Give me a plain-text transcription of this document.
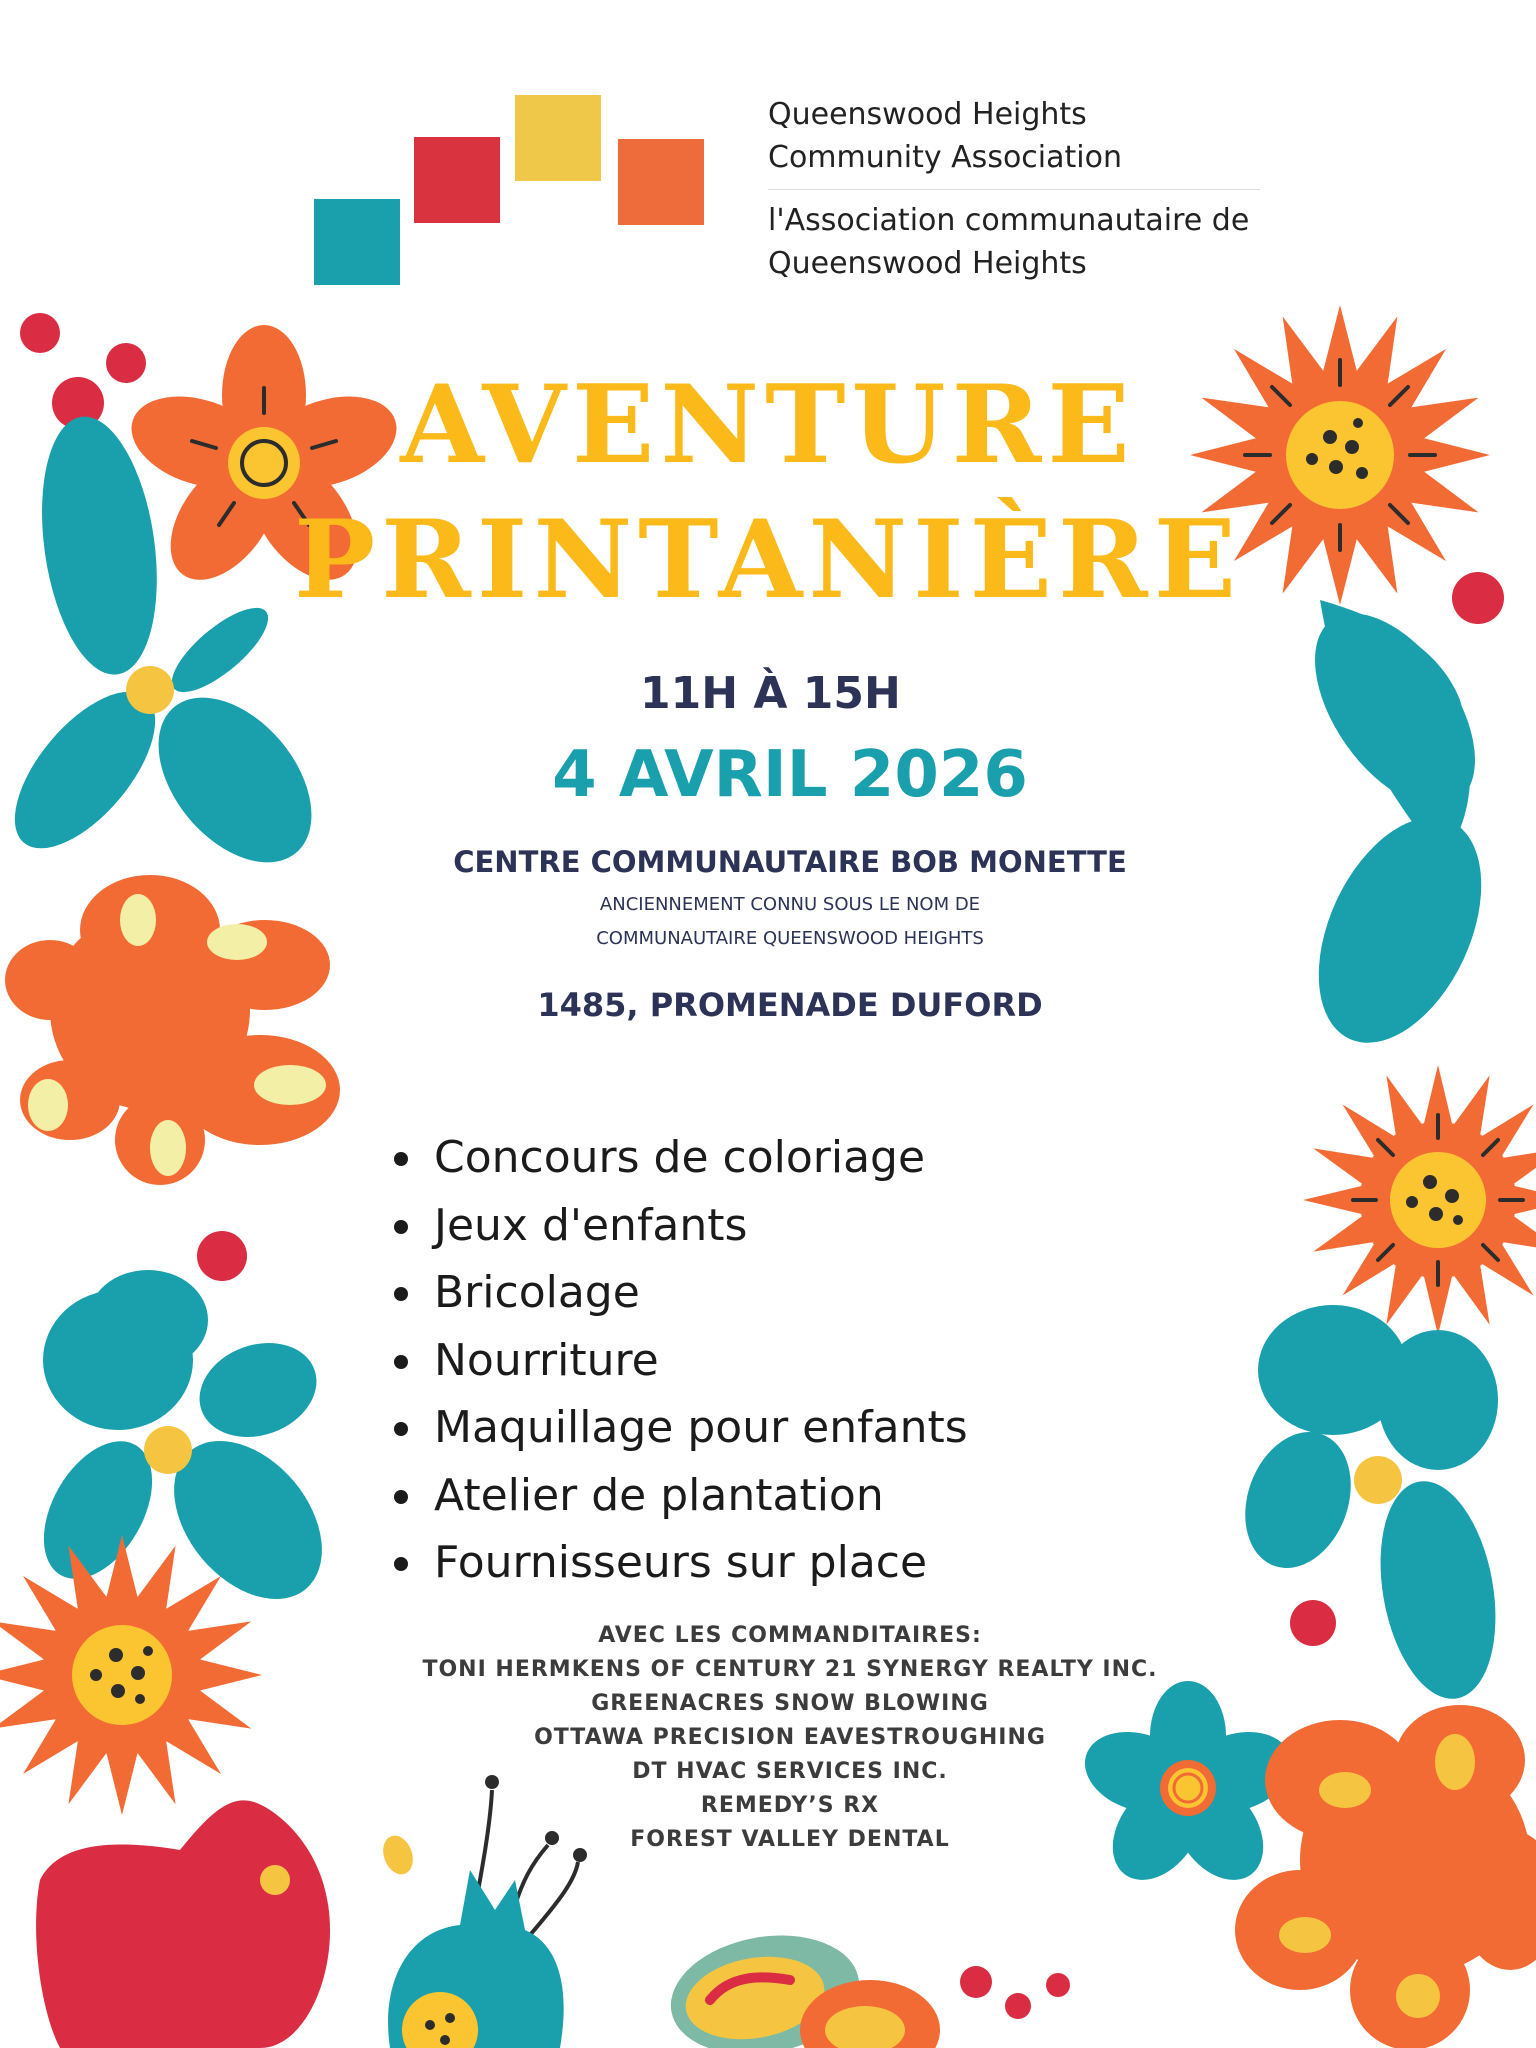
Queenswood Heights
Community Association
l'Association communautaire de
Queenswood Heights
AVENTURE
PRINTANIÈRE
11H À 15H
4 AVRIL 2026
CENTRE COMMUNAUTAIRE BOB MONETTE
ANCIENNEMENT CONNU SOUS LE NOM DE
COMMUNAUTAIRE QUEENSWOOD HEIGHTS
1485, PROMENADE DUFORD
Concours de coloriage
Jeux d'enfants
Bricolage
Nourriture
Maquillage pour enfants
Atelier de plantation
Fournisseurs sur place
AVEC LES COMMANDITAIRES:
TONI HERMKENS OF CENTURY 21 SYNERGY REALTY INC.
GREENACRES SNOW BLOWING
OTTAWA PRECISION EAVESTROUGHING
DT HVAC SERVICES INC.
REMEDY’S RX
FOREST VALLEY DENTAL
